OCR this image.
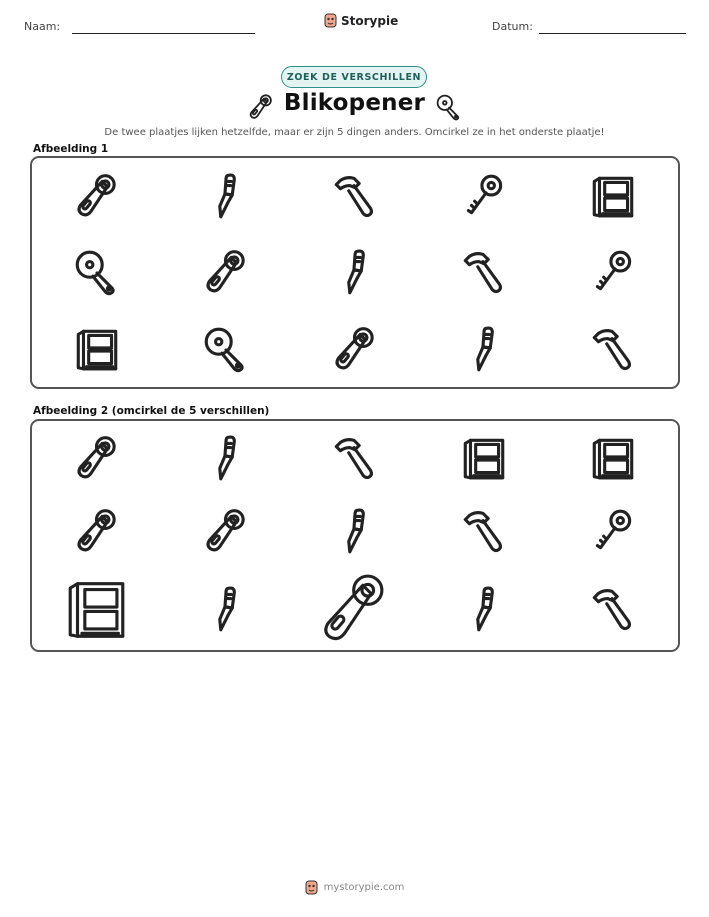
Naam:	Storypie	Datum:
ZOEK DE VERSCHILLEN
Blikopener
De twee plaatjes lijken hetzelfde, maar er zijn 5 dingen anders. Omcirkel ze in het onderste plaatje!
Afbeelding 1
Afbeelding 2 (omcirkel de 5 verschillen)
mystorypie.com
